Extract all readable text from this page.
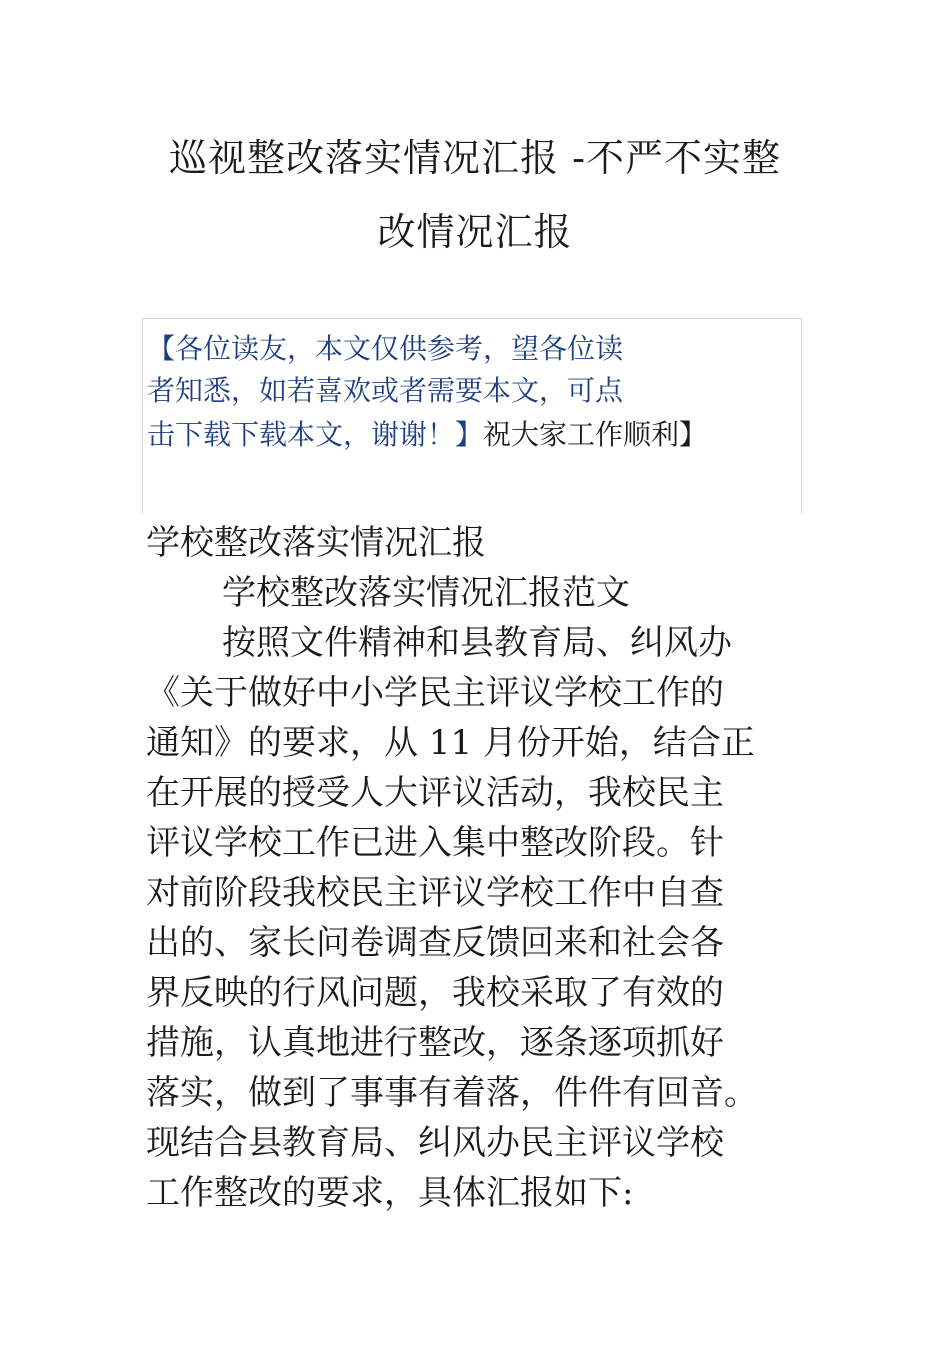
巡视整改落实情况汇报 -不严不实整
改情况汇报
【各位读友，本文仅供参考，望各位读
者知悉，如若喜欢或者需要本文，可点
击下载下载本文，谢谢！】祝大家工作顺利】
学校整改落实情况汇报
学校整改落实情况汇报范文
按照文件精神和县教育局、纠风办
《关于做好中小学民主评议学校工作的
通知》的要求，从 11 月份开始，结合正
在开展的授受人大评议活动，我校民主
评议学校工作已进入集中整改阶段。针
对前阶段我校民主评议学校工作中自查
出的、家长问卷调查反馈回来和社会各
界反映的行风问题，我校采取了有效的
措施，认真地进行整改，逐条逐项抓好
落实，做到了事事有着落，件件有回音。
现结合县教育局、纠风办民主评议学校
工作整改的要求，具体汇报如下:
